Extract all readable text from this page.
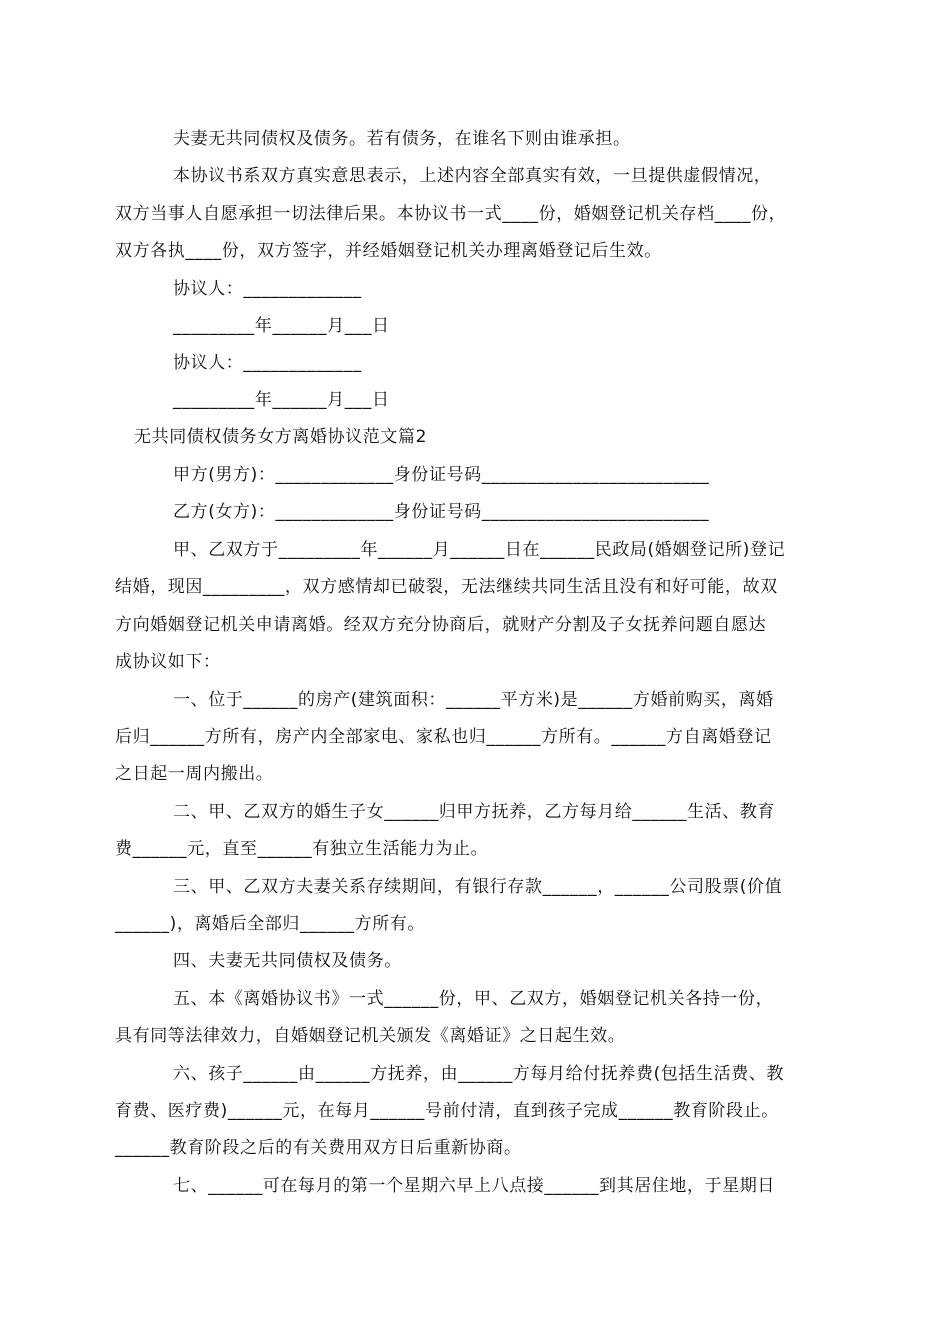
夫妻无共同债权及债务。若有债务，在谁名下则由谁承担。
本协议书系双方真实意思表示，上述内容全部真实有效，一旦提供虚假情况，
双方当事人自愿承担一切法律后果。本协议书一式____份，婚姻登记机关存档____份，
双方各执____份，双方签字，并经婚姻登记机关办理离婚登记后生效。
协议人：_____________
_________年______月___日
协议人：_____________
_________年______月___日
无共同债权债务女方离婚协议范文篇2
甲方(男方)：_____________身份证号码_________________________
乙方(女方)：_____________身份证号码_________________________
甲、乙双方于_________年______月______日在______民政局(婚姻登记所)登记
结婚，现因_________，双方感情却已破裂，无法继续共同生活且没有和好可能，故双
方向婚姻登记机关申请离婚。经双方充分协商后，就财产分割及子女抚养问题自愿达
成协议如下：
一、位于______的房产(建筑面积：______平方米)是______方婚前购买，离婚
后归______方所有，房产内全部家电、家私也归______方所有。______方自离婚登记
之日起一周内搬出。
二、甲、乙双方的婚生子女______归甲方抚养，乙方每月给______生活、教育
费______元，直至______有独立生活能力为止。
三、甲、乙双方夫妻关系存续期间，有银行存款______，______公司股票(价值
______)，离婚后全部归______方所有。
四、夫妻无共同债权及债务。
五、本《离婚协议书》一式______份，甲、乙双方，婚姻登记机关各持一份，
具有同等法律效力，自婚姻登记机关颁发《离婚证》之日起生效。
六、孩子______由______方抚养，由______方每月给付抚养费(包括生活费、教
育费、医疗费)______元，在每月______号前付清，直到孩子完成______教育阶段止。
______教育阶段之后的有关费用双方日后重新协商。
七、______可在每月的第一个星期六早上八点接______到其居住地，于星期日
